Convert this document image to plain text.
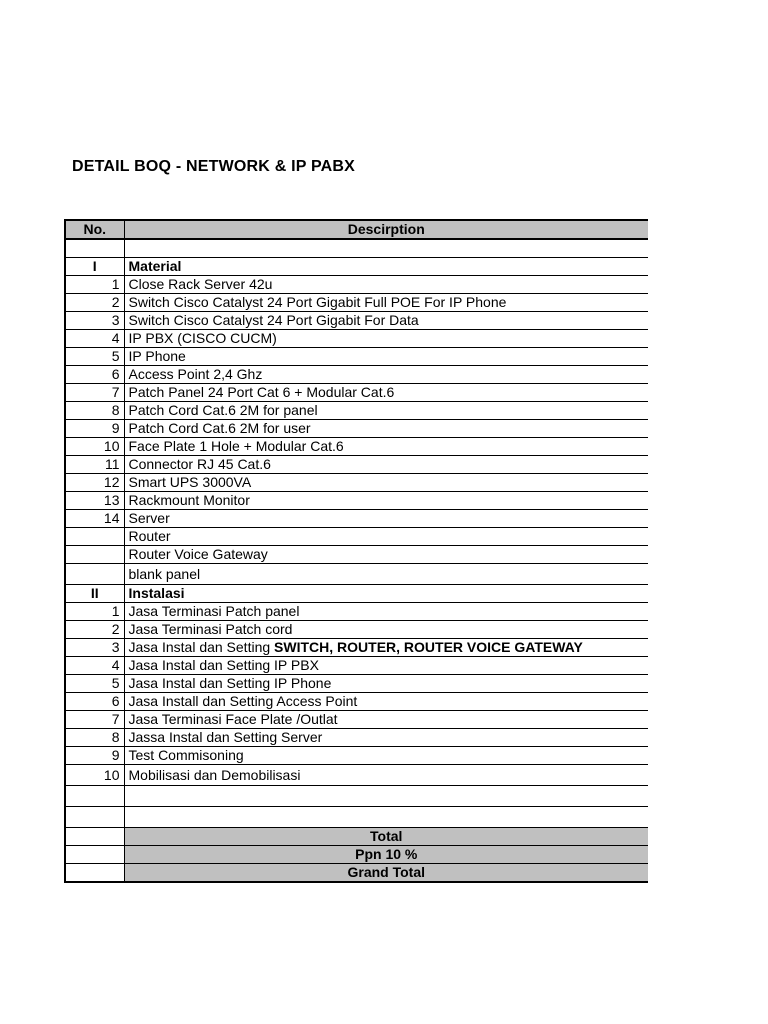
DETAIL BOQ - NETWORK & IP PABX
No.	Descirption

I	Material
1	Close Rack Server 42u
2	Switch Cisco Catalyst 24 Port Gigabit Full POE For IP Phone
3	Switch Cisco Catalyst 24 Port Gigabit For Data
4	IP PBX (CISCO CUCM)
5	IP Phone
6	Access Point 2,4 Ghz
7	Patch Panel 24 Port Cat 6 + Modular Cat.6
8	Patch Cord Cat.6 2M for panel
9	Patch Cord Cat.6 2M for user
10	Face Plate 1 Hole + Modular Cat.6
11	Connector RJ 45 Cat.6
12	Smart UPS 3000VA
13	Rackmount Monitor
14	Server
	Router
	Router Voice Gateway
	blank panel
II	Instalasi
1	Jasa Terminasi Patch panel
2	Jasa Terminasi Patch cord
3	Jasa Instal dan Setting SWITCH, ROUTER, ROUTER VOICE GATEWAY
4	Jasa Instal dan Setting IP PBX
5	Jasa Instal dan Setting IP Phone
6	Jasa Install dan Setting Access Point
7	Jasa Terminasi Face Plate /Outlat
8	Jassa Instal dan Setting Server
9	Test Commisoning
10	Mobilisasi dan Demobilisasi

	Total
	Ppn 10 %
	Grand Total
